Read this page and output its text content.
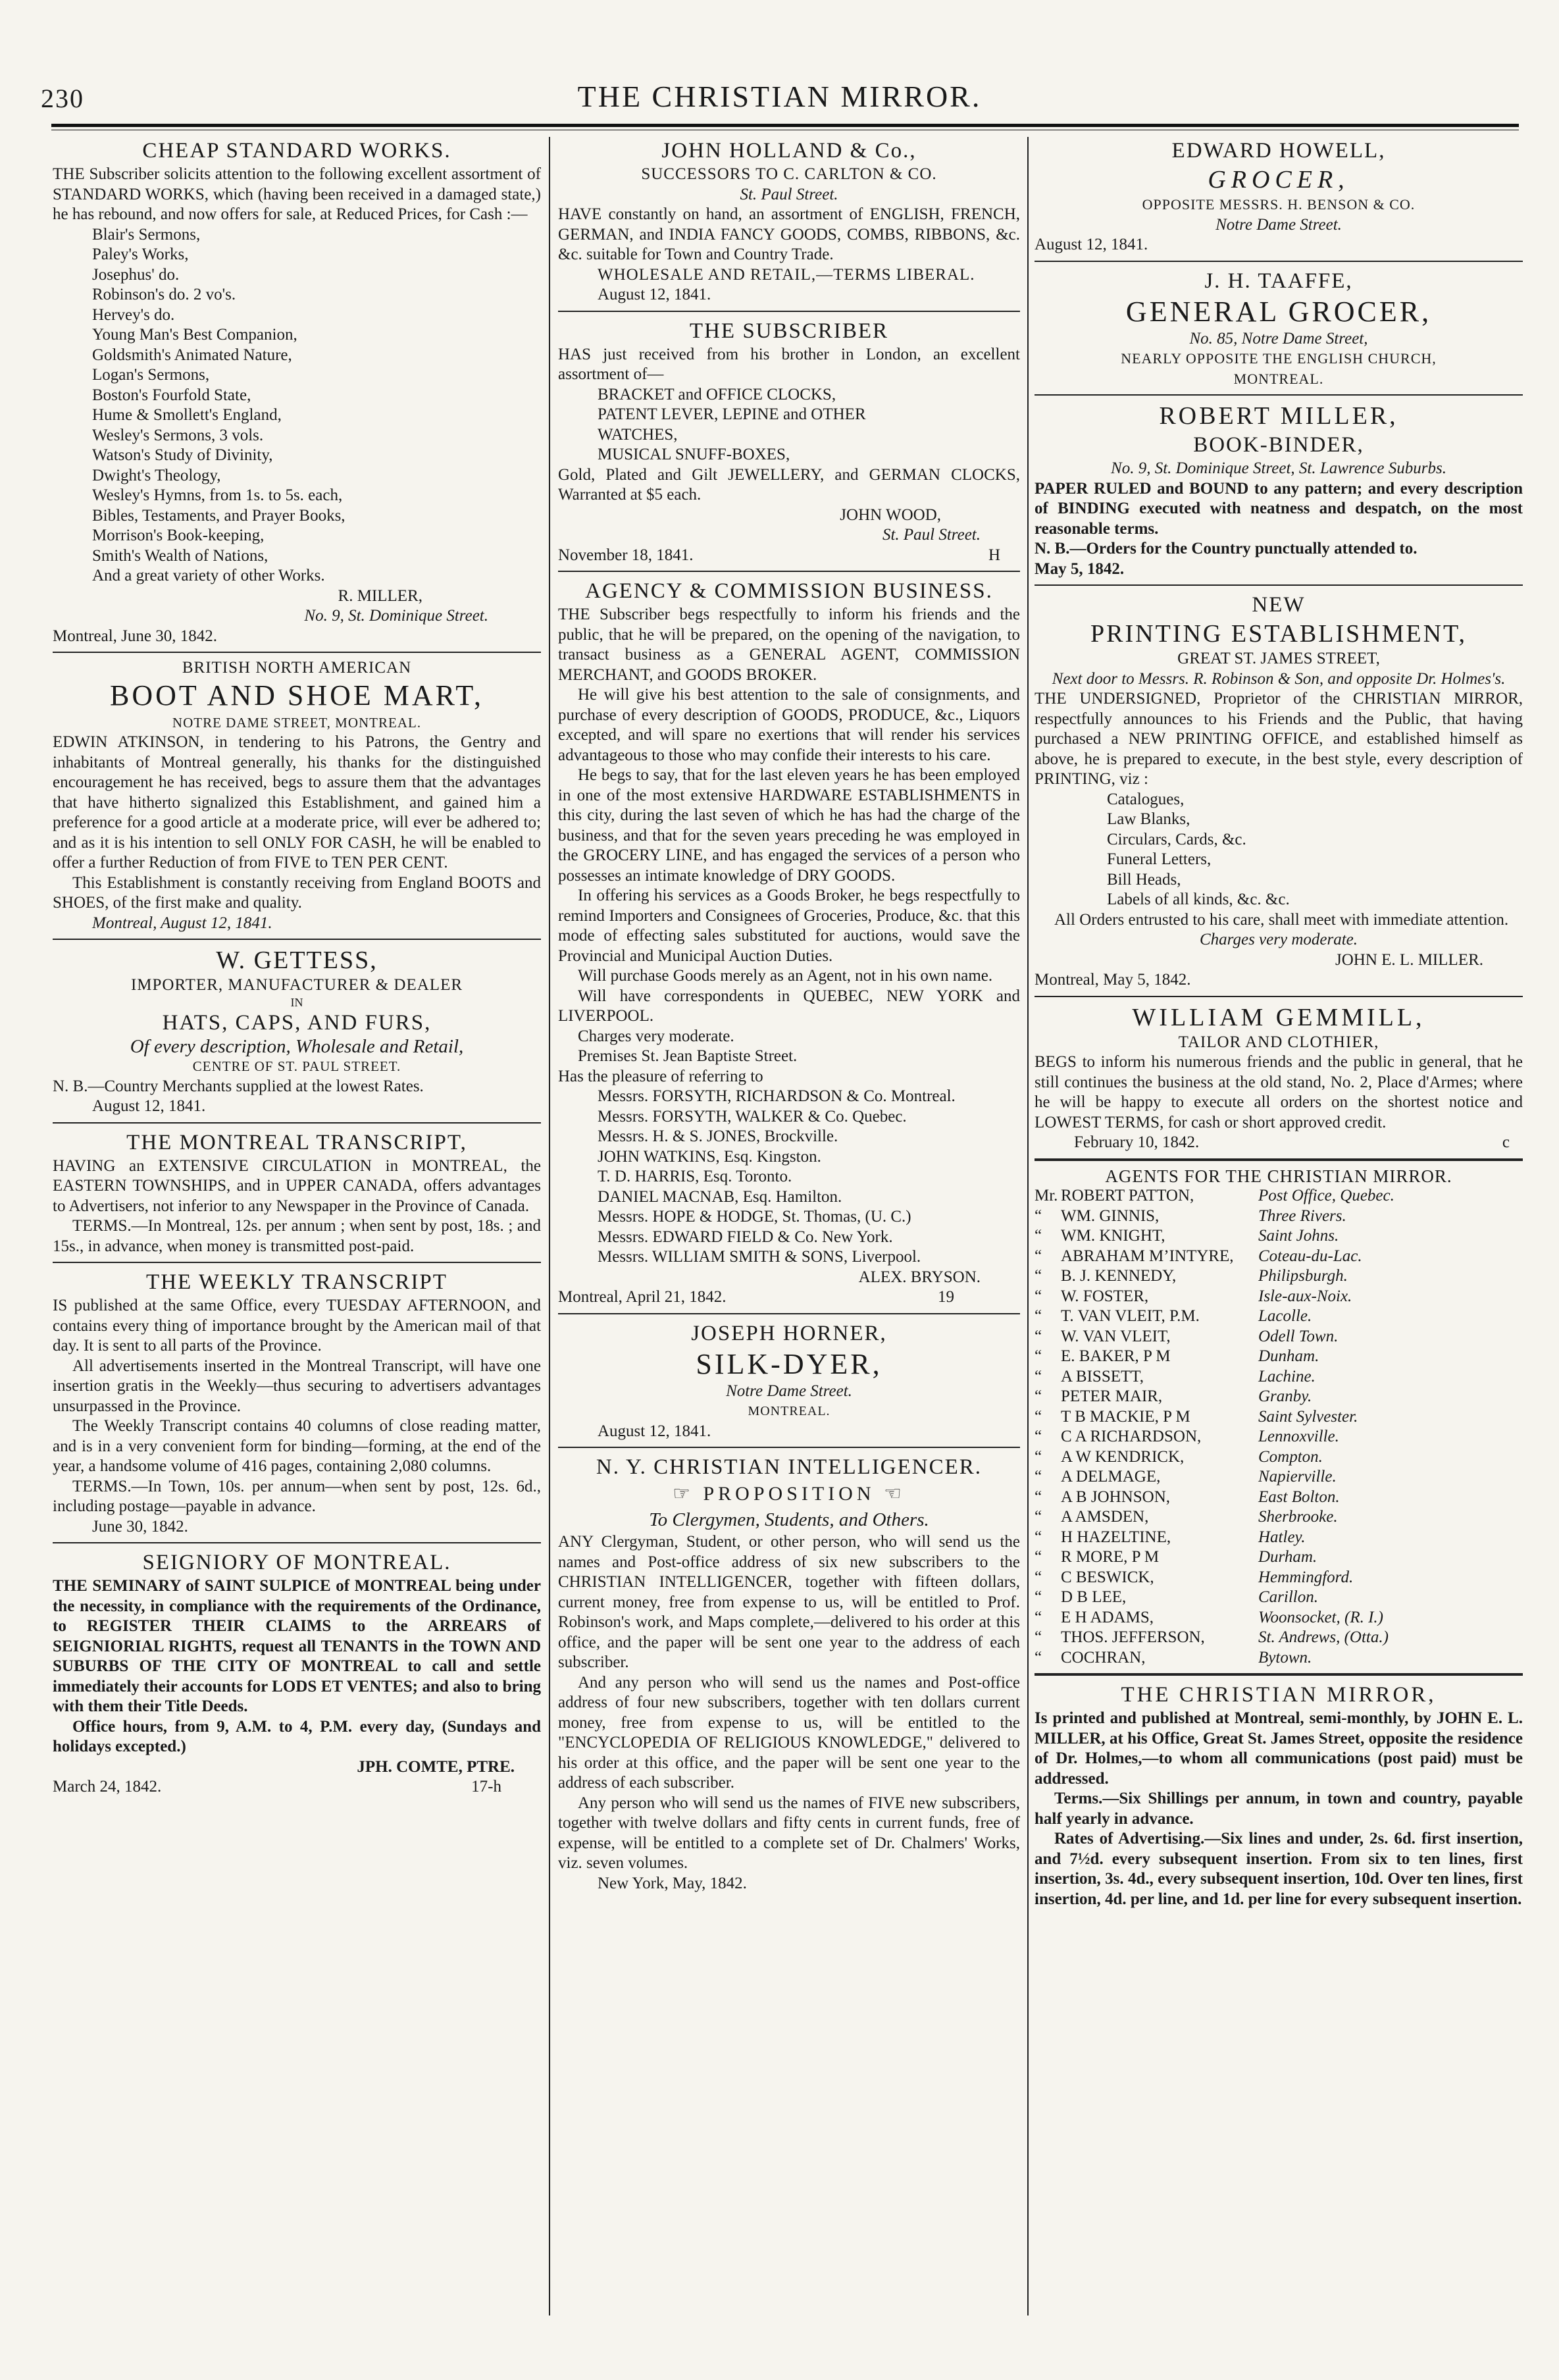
230	THE CHRISTIAN MIRROR.
CHEAP STANDARD WORKS.

THE Subscriber solicits attention to the following excellent assortment of STANDARD WORKS, which (having been received in a damaged state,) he has rebound, and now offers for sale, at Reduced Prices, for Cash :—

Blair's Sermons,
Paley's Works,
Josephus' do.
Robinson's do. 2 vo's.
Hervey's do.
Young Man's Best Companion,
Goldsmith's Animated Nature,
Logan's Sermons,
Boston's Fourfold State,
Hume & Smollett's England,
Wesley's Sermons, 3 vols.
Watson's Study of Divinity,
Dwight's Theology,
Wesley's Hymns, from 1s. to 5s. each,
Bibles, Testaments, and Prayer Books,
Morrison's Book-keeping,
Smith's Wealth of Nations,
And a great variety of other Works.
R. MILLER,
No. 9, St. Dominique Street.
Montreal, June 30, 1842.
BRITISH NORTH AMERICAN
BOOT AND SHOE MART,
NOTRE DAME STREET, MONTREAL.

EDWIN ATKINSON, in tendering to his Patrons, the Gentry and inhabitants of Montreal generally, his thanks for the distinguished encouragement he has received, begs to assure them that the advantages that have hitherto signalized this Establishment, and gained him a preference for a good article at a moderate price, will ever be adhered to; and as it is his intention to sell ONLY FOR CASH, he will be enabled to offer a further Reduction of from FIVE to TEN PER CENT.

This Establishment is constantly receiving from England BOOTS and SHOES, of the first make and quality.

Montreal, August 12, 1841.
W. GETTESS,
IMPORTER, MANUFACTURER & DEALER
IN
HATS, CAPS, AND FURS,
Of every description, Wholesale and Retail,
CENTRE OF ST. PAUL STREET.

N. B.—Country Merchants supplied at the lowest Rates.

August 12, 1841.
THE MONTREAL TRANSCRIPT,

HAVING an EXTENSIVE CIRCULATION in MONTREAL, the EASTERN TOWNSHIPS, and in UPPER CANADA, offers advantages to Advertisers, not inferior to any Newspaper in the Province of Canada.

TERMS.—In Montreal, 12s. per annum ; when sent by post, 18s. ; and 15s., in advance, when money is transmitted post-paid.

THE WEEKLY TRANSCRIPT

IS published at the same Office, every TUESDAY AFTERNOON, and contains every thing of importance brought by the American mail of that day. It is sent to all parts of the Province.

All advertisements inserted in the Montreal Transcript, will have one insertion gratis in the Weekly—thus securing to advertisers advantages unsurpassed in the Province.

The Weekly Transcript contains 40 columns of close reading matter, and is in a very convenient form for binding—forming, at the end of the year, a handsome volume of 416 pages, containing 2,080 columns.

TERMS.—In Town, 10s. per annum—when sent by post, 12s. 6d., including postage—payable in advance.

June 30, 1842.
SEIGNIORY OF MONTREAL.

THE SEMINARY of SAINT SULPICE of MONTREAL being under the necessity, in compliance with the requirements of the Ordinance, to REGISTER THEIR CLAIMS to the ARREARS of SEIGNIORIAL RIGHTS, request all TENANTS in the TOWN AND SUBURBS OF THE CITY OF MONTREAL to call and settle immediately their accounts for LODS ET VENTES; and also to bring with them their Title Deeds.

Office hours, from 9, A.M. to 4, P.M. every day, (Sundays and holidays excepted.)

JPH. COMTE, PTRE.
March 24, 1842.	17-h
JOHN HOLLAND & Co.,
SUCCESSORS TO C. CARLTON & CO.
St. Paul Street.

HAVE constantly on hand, an assortment of ENGLISH, FRENCH, GERMAN, and INDIA FANCY GOODS, COMBS, RIBBONS, &c. &c. suitable for Town and Country Trade.

WHOLESALE AND RETAIL,—TERMS LIBERAL.
August 12, 1841.
THE SUBSCRIBER

HAS just received from his brother in London, an excellent assortment of—

BRACKET and OFFICE CLOCKS,
PATENT LEVER, LEPINE and OTHER
WATCHES,
MUSICAL SNUFF-BOXES,

Gold, Plated and Gilt JEWELLERY, and GERMAN CLOCKS, Warranted at $5 each.

JOHN WOOD,
St. Paul Street.
November 18, 1841.	H
AGENCY & COMMISSION BUSINESS.

THE Subscriber begs respectfully to inform his friends and the public, that he will be prepared, on the opening of the navigation, to transact business as a GENERAL AGENT, COMMISSION MERCHANT, and GOODS BROKER.

He will give his best attention to the sale of consignments, and purchase of every description of GOODS, PRODUCE, &c., Liquors excepted, and will spare no exertions that will render his services advantageous to those who may confide their interests to his care.

He begs to say, that for the last eleven years he has been employed in one of the most extensive HARDWARE ESTABLISHMENTS in this city, during the last seven of which he has had the charge of the business, and that for the seven years preceding he was employed in the GROCERY LINE, and has engaged the services of a person who possesses an intimate knowledge of DRY GOODS.

In offering his services as a Goods Broker, he begs respectfully to remind Importers and Consignees of Groceries, Produce, &c. that this mode of effecting sales substituted for auctions, would save the Provincial and Municipal Auction Duties.

Will purchase Goods merely as an Agent, not in his own name.

Will have correspondents in QUEBEC, NEW YORK and LIVERPOOL.

Charges very moderate.

Premises St. Jean Baptiste Street.

Has the pleasure of referring to

Messrs. FORSYTH, RICHARDSON & Co. Montreal.
Messrs. FORSYTH, WALKER & Co. Quebec.
Messrs. H. & S. JONES, Brockville.
JOHN WATKINS, Esq. Kingston.
T. D. HARRIS, Esq. Toronto.
DANIEL MACNAB, Esq. Hamilton.
Messrs. HOPE & HODGE, St. Thomas, (U. C.)
Messrs. EDWARD FIELD & Co. New York.
Messrs. WILLIAM SMITH & SONS, Liverpool.
ALEX. BRYSON.
Montreal, April 21, 1842.	19
JOSEPH HORNER,
SILK-DYER,
Notre Dame Street.
MONTREAL.
August 12, 1841.
N. Y. CHRISTIAN INTELLIGENCER.
☞ PROPOSITION ☜
To Clergymen, Students, and Others.

ANY Clergyman, Student, or other person, who will send us the names and Post-office address of six new subscribers to the CHRISTIAN INTELLIGENCER, together with fifteen dollars, current money, free from expense to us, will be entitled to Prof. Robinson's work, and Maps complete,—delivered to his order at this office, and the paper will be sent one year to the address of each subscriber.

And any person who will send us the names and Post-office address of four new subscribers, together with ten dollars current money, free from expense to us, will be entitled to the "ENCYCLOPEDIA OF RELIGIOUS KNOWLEDGE," delivered to his order at this office, and the paper will be sent one year to the address of each subscriber.

Any person who will send us the names of FIVE new subscribers, together with twelve dollars and fifty cents in current funds, free of expense, will be entitled to a complete set of Dr. Chalmers' Works, viz. seven volumes.

New York, May, 1842.
EDWARD HOWELL,
GROCER,
OPPOSITE MESSRS. H. BENSON & CO.
Notre Dame Street.
August 12, 1841.
J. H. TAAFFE,
GENERAL GROCER,
No. 85, Notre Dame Street,
NEARLY OPPOSITE THE ENGLISH CHURCH,
MONTREAL.
ROBERT MILLER,
BOOK-BINDER,
No. 9, St. Dominique Street, St. Lawrence Suburbs.

PAPER RULED and BOUND to any pattern; and every description of BINDING executed with neatness and despatch, on the most reasonable terms.

N. B.—Orders for the Country punctually attended to.

May 5, 1842.
NEW
PRINTING ESTABLISHMENT,
GREAT ST. JAMES STREET,
Next door to Messrs. R. Robinson & Son, and opposite Dr. Holmes's.

THE UNDERSIGNED, Proprietor of the CHRISTIAN MIRROR, respectfully announces to his Friends and the Public, that having purchased a NEW PRINTING OFFICE, and established himself as above, he is prepared to execute, in the best style, every description of PRINTING, viz :

Catalogues,
Law Blanks,
Circulars, Cards, &c.
Funeral Letters,
Bill Heads,
Labels of all kinds, &c. &c.

All Orders entrusted to his care, shall meet with immediate attention.

Charges very moderate.
JOHN E. L. MILLER.
Montreal, May 5, 1842.
WILLIAM GEMMILL,
TAILOR AND CLOTHIER,

BEGS to inform his numerous friends and the public in general, that he still continues the business at the old stand, No. 2, Place d'Armes; where he will be happy to execute all orders on the shortest notice and LOWEST TERMS, for cash or short approved credit.

February 10, 1842.	c
AGENTS FOR THE CHRISTIAN MIRROR.
Mr. ROBERT PATTON,	Post Office, Quebec.
“	WM. GINNIS,	Three Rivers.
“	WM. KNIGHT,	Saint Johns.
“	ABRAHAM M’INTYRE,	Coteau-du-Lac.
“	B. J. KENNEDY,	Philipsburgh.
“	W. FOSTER,	Isle-aux-Noix.
“	T. VAN VLEIT, P.M.	Lacolle.
“	W. VAN VLEIT,	Odell Town.
“	E. BAKER, P M	Dunham.
“	A BISSETT,	Lachine.
“	PETER MAIR,	Granby.
“	T B MACKIE, P M	Saint Sylvester.
“	C A RICHARDSON,	Lennoxville.
“	A W KENDRICK,	Compton.
“	A DELMAGE,	Napierville.
“	A B JOHNSON,	East Bolton.
“	A AMSDEN,	Sherbrooke.
“	H HAZELTINE,	Hatley.
“	R MORE, P M	Durham.
“	C BESWICK,	Hemmingford.
“	D B LEE,	Carillon.
“	E H ADAMS,	Woonsocket, (R. I.)
“	THOS. JEFFERSON,	St. Andrews, (Otta.)
“	COCHRAN,	Bytown.
THE CHRISTIAN MIRROR,

Is printed and published at Montreal, semi-monthly, by JOHN E. L. MILLER, at his Office, Great St. James Street, opposite the residence of Dr. Holmes,—to whom all communications (post paid) must be addressed.

Terms.—Six Shillings per annum, in town and country, payable half yearly in advance.

Rates of Advertising.—Six lines and under, 2s. 6d. first insertion, and 7½d. every subsequent insertion. From six to ten lines, first insertion, 3s. 4d., every subsequent insertion, 10d. Over ten lines, first insertion, 4d. per line, and 1d. per line for every subsequent insertion.
